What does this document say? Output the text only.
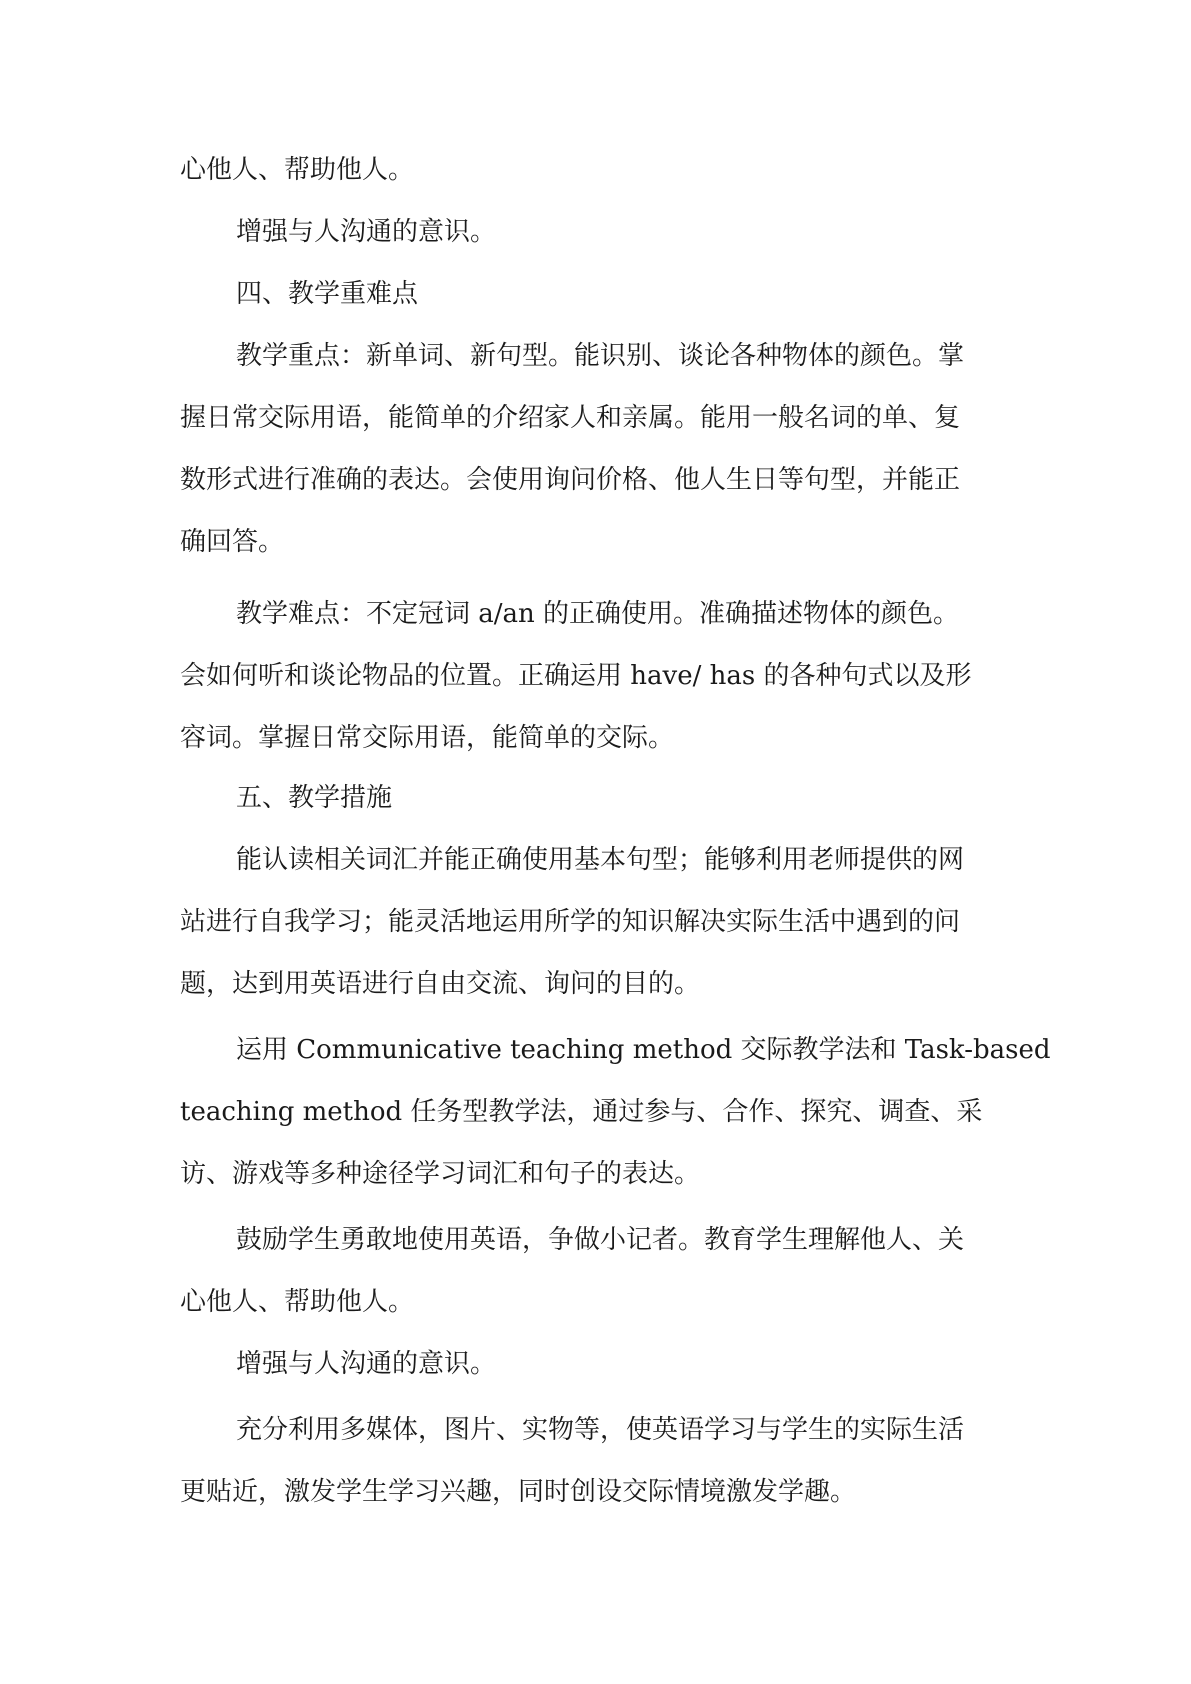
心他人、帮助他人。
增强与人沟通的意识。
四、教学重难点
教学重点：新单词、新句型。能识别、谈论各种物体的颜色。掌
握日常交际用语，能简单的介绍家人和亲属。能用一般名词的单、复
数形式进行准确的表达。会使用询问价格、他人生日等句型，并能正
确回答。
教学难点：不定冠词 a/an 的正确使用。准确描述物体的颜色。
会如何听和谈论物品的位置。正确运用 have/ has 的各种句式以及形
容词。掌握日常交际用语，能简单的交际。
五、教学措施
能认读相关词汇并能正确使用基本句型；能够利用老师提供的网
站进行自我学习；能灵活地运用所学的知识解决实际生活中遇到的问
题，达到用英语进行自由交流、询问的目的。
运用 Communicative teaching method 交际教学法和 Task-based
teaching method 任务型教学法，通过参与、合作、探究、调查、采
访、游戏等多种途径学习词汇和句子的表达。
鼓励学生勇敢地使用英语，争做小记者。教育学生理解他人、关
心他人、帮助他人。
增强与人沟通的意识。
充分利用多媒体，图片、实物等，使英语学习与学生的实际生活
更贴近，激发学生学习兴趣，同时创设交际情境激发学趣。
